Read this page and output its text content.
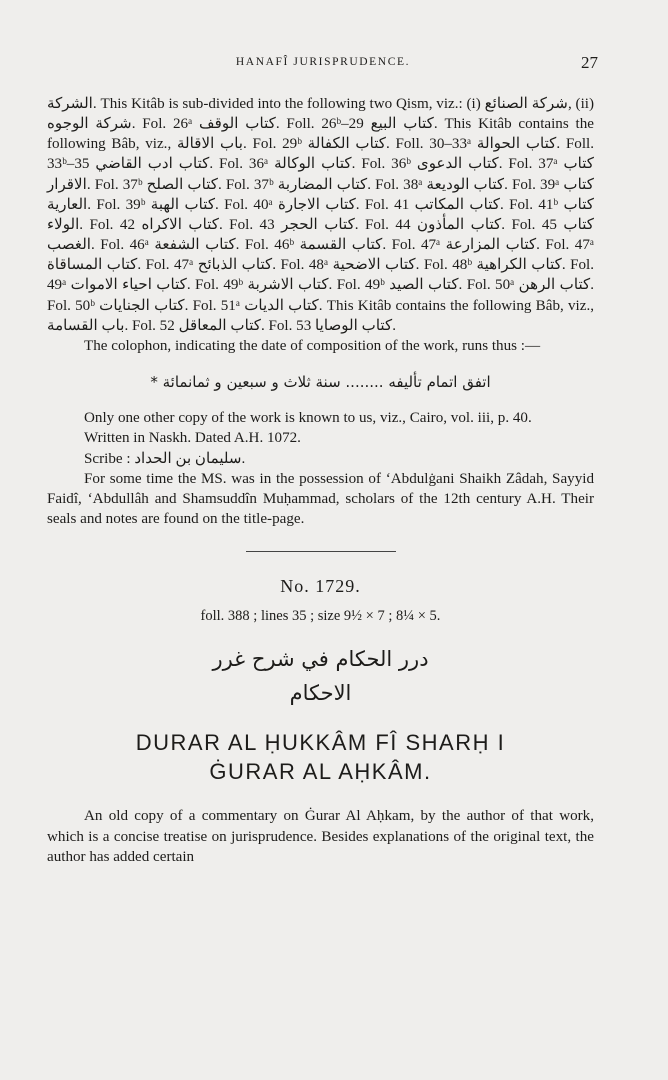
HANAFÎ JURISPRUDENCE.	27

الشركة. This Kitâb is sub-divided into the following two Qism, viz.: (i) شركة الصنائع, (ii) شركة الوجوه. Fol. 26ᵃ كتاب الوقف. Foll. 26ᵇ–29 كتاب البيع. This Kitâb contains the following Bâb, viz., باب الاقالة. Fol. 29ᵇ كتاب الكفالة. Foll. 30–33ᵃ كتاب الحوالة. Foll. 33ᵇ–35 كتاب ادب القاضي. Fol. 36ᵃ كتاب الوكالة. Fol. 36ᵇ كتاب الدعوى. Fol. 37ᵃ كتاب الاقرار. Fol. 37ᵇ كتاب الصلح. Fol. 37ᵇ كتاب المضاربة. Fol. 38ᵃ كتاب الوديعة. Fol. 39ᵃ كتاب العارية. Fol. 39ᵇ كتاب الهبة. Fol. 40ᵃ كتاب الاجارة. Fol. 41 كتاب المكاتب. Fol. 41ᵇ كتاب الولاء. Fol. 42 كتاب الاكراه. Fol. 43 كتاب الحجر. Fol. 44 كتاب المأذون. Fol. 45 كتاب الغصب. Fol. 46ᵃ كتاب الشفعة. Fol. 46ᵇ كتاب القسمة. Fol. 47ᵃ كتاب المزارعة. Fol. 47ᵃ كتاب المساقاة. Fol. 47ᵃ كتاب الذبائح. Fol. 48ᵃ كتاب الاضحية. Fol. 48ᵇ كتاب الكراهية. Fol. 49ᵃ كتاب احياء الاموات. Fol. 49ᵇ كتاب الاشربة. Fol. 49ᵇ كتاب الصيد. Fol. 50ᵃ كتاب الرهن. Fol. 50ᵇ كتاب الجنايات. Fol. 51ᵃ كتاب الديات. This Kitâb contains the following Bâb, viz., باب القسامة. Fol. 52 كتاب المعاقل. Fol. 53 كتاب الوصايا.

The colophon, indicating the date of composition of the work, runs thus :—

اتفق اتمام تأليفه ........ سنة ثلاث و سبعين و ثمانمائة *

Only one other copy of the work is known to us, viz., Cairo, vol. iii, p. 40.

Written in Naskh. Dated A.H. 1072.

Scribe : سليمان بن الحداد.

For some time the MS. was in the possession of ‘Abdulġani Shaikh Zâdah, Sayyid Faidî, ‘Abdullâh and Shamsuddîn Muḥammad, scholars of the 12th century A.H. Their seals and notes are found on the title-page.

No. 1729.
foll. 388 ; lines 35 ; size 9½ × 7 ; 8¼ × 5.
درر الحكام في شرح غرر
الاحكام
DURAR AL ḤUKKÂM FÎ SHARḤ I
ĠURAR AL AḤKÂM.

An old copy of a commentary on Ġurar Al Aḥkam, by the author of that work, which is a concise treatise on jurisprudence. Besides explanations of the original text, the author has added certain
